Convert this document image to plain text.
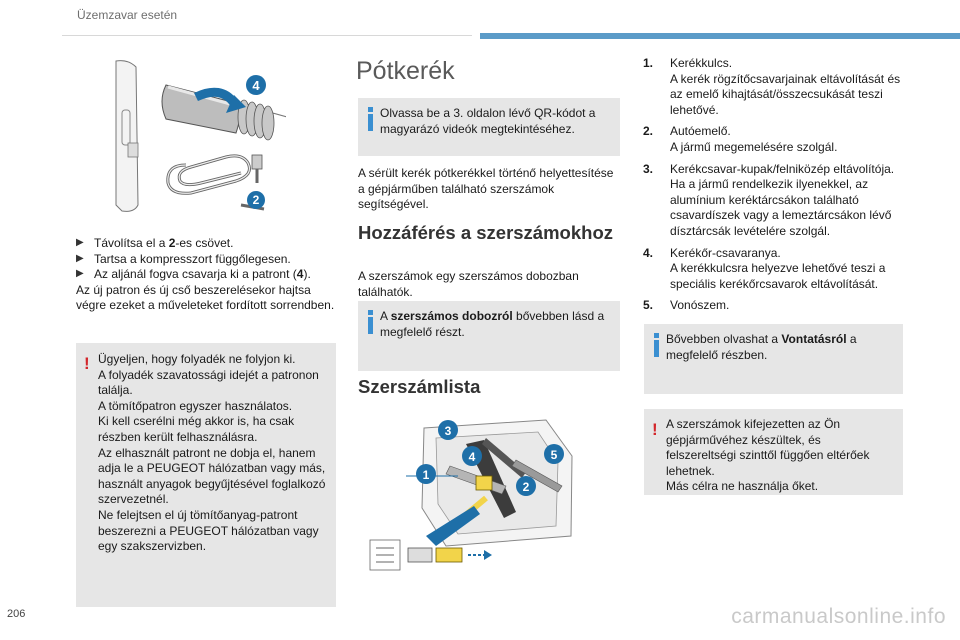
Üzemzavar esetén
4
2
▶ Távolítsa el a 2-es csövet.
▶ Tartsa a kompresszort függőlegesen.
▶ Az aljánál fogva csavarja ki a patront (4).

Az új patron és új cső beszerelésekor hajtsa végre ezeket a műveleteket fordított sorrendben.

! Ügyeljen, hogy folyadék ne folyjon ki.
A folyadék szavatossági idejét a patronon találja.
A tömítőpatron egyszer használatos.
Ki kell cserélni még akkor is, ha csak részben került felhasználásra.
Az elhasznált patront ne dobja el, hanem adja le a PEUGEOT hálózatban vagy más, használt anyagok begyűjtésével foglalkozó szervezetnél.
Ne felejtsen el új tömítőanyag-patront beszerezni a PEUGEOT hálózatban vagy egy szakszervizben.
Pótkerék
Olvassa be a 3. oldalon lévő QR-kódot a magyarázó videók megtekintéséhez.

A sérült kerék pótkerékkel történő helyettesítése a gépjárműben található szerszámok segítségével.

Hozzáférés a szerszámokhoz

A szerszámok egy szerszámos dobozban találhatók.

A szerszámos dobozról bővebben lásd a megfelelő részt.
Szerszámlista
1
2
3
4	5
1.	Kerékkulcs.
A kerék rögzítőcsavarjainak eltávolítását és az emelő kihajtását/összecsukását teszi lehetővé.
2.	Autóemelő.
A jármű megemelésére szolgál.
3.	Kerékcsavar-kupak/felniközép eltávolítója.
Ha a jármű rendelkezik ilyenekkel, az alumínium keréktárcsákon található csavardíszek vagy a lemeztárcsákon lévő dísztárcsák levételére szolgál.
4.	Kerékőr-csavaranya.
A kerékkulcsra helyezve lehetővé teszi a speciális kerékőrcsavarok eltávolítását.
5.	Vonószem.
Bővebben olvashat a Vontatásról a megfelelő részben.
! A szerszámok kifejezetten az Ön gépjárművéhez készültek, és felszereltségi szinttől függően eltérőek lehetnek.
Más célra ne használja őket.
206	carmanualsonline.info
